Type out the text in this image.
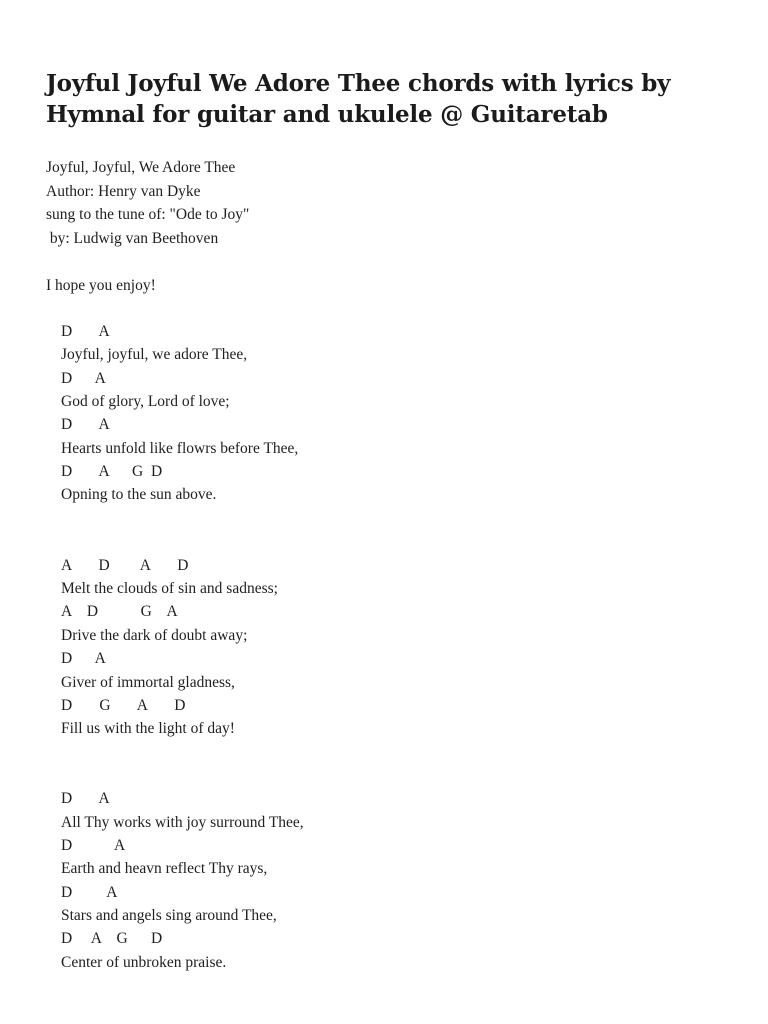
Joyful Joyful We Adore Thee chords with lyrics by Hymnal for guitar and ukulele @ Guitaretab
Joyful, Joyful, We Adore Thee
Author: Henry van Dyke
sung to the tune of: "Ode to Joy"
by: Ludwig van Beethoven
I hope you enjoy!
D       A
Joyful, joyful, we adore Thee,
D      A
God of glory, Lord of love;
D       A
Hearts unfold like flowrs before Thee,
D       A      G  D
Opning to the sun above.
A       D        A       D
Melt the clouds of sin and sadness;
A    D           G    A
Drive the dark of doubt away;
D      A
Giver of immortal gladness,
D       G       A       D
Fill us with the light of day!
D       A
All Thy works with joy surround Thee,
D           A
Earth and heavn reflect Thy rays,
D         A
Stars and angels sing around Thee,
D     A    G      D
Center of unbroken praise.
